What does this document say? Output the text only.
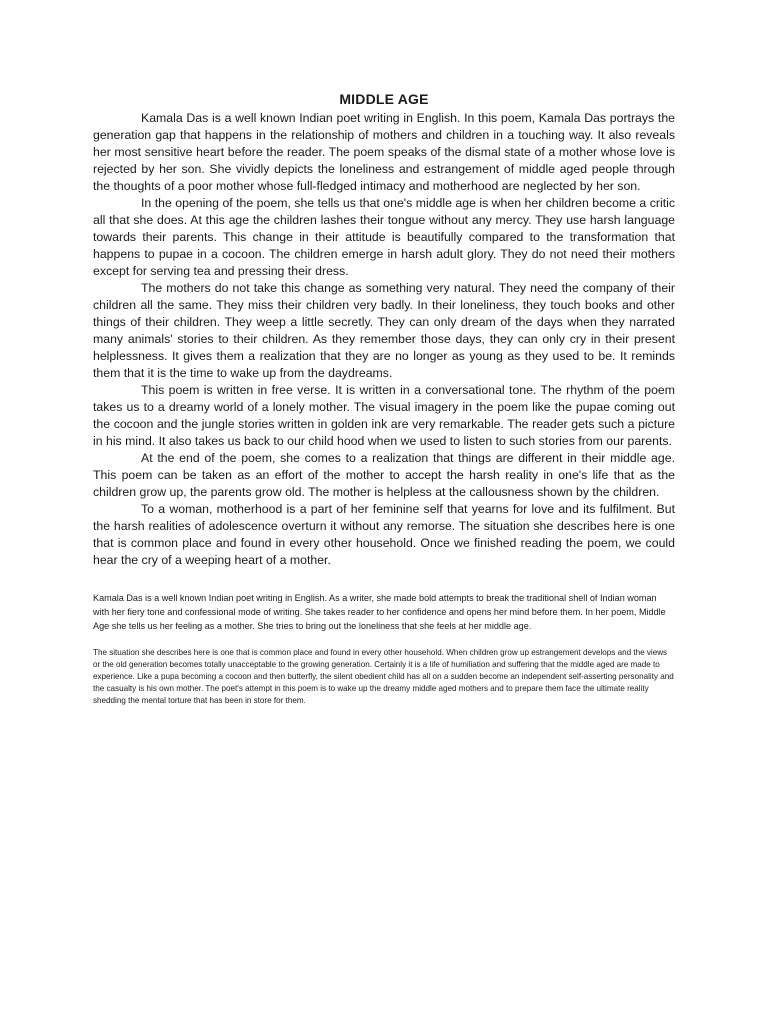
MIDDLE AGE

Kamala Das is a well known Indian poet writing in English. In this poem, Kamala Das portrays the generation gap that happens in the relationship of mothers and children in a touching way. It also reveals her most sensitive heart before the reader. The poem speaks of the dismal state of a mother whose love is rejected by her son. She vividly depicts the loneliness and estrangement of middle aged people through the thoughts of a poor mother whose full-fledged intimacy and motherhood are neglected by her son.

In the opening of the poem, she tells us that one's middle age is when her children become a critic all that she does. At this age the children lashes their tongue without any mercy. They use harsh language towards their parents. This change in their attitude is beautifully compared to the transformation that happens to pupae in a cocoon. The children emerge in harsh adult glory. They do not need their mothers except for serving tea and pressing their dress.

The mothers do not take this change as something very natural. They need the company of their children all the same. They miss their children very badly. In their loneliness, they touch books and other things of their children. They weep a little secretly. They can only dream of the days when they narrated many animals' stories to their children. As they remember those days, they can only cry in their present helplessness. It gives them a realization that they are no longer as young as they used to be. It reminds them that it is the time to wake up from the daydreams.

This poem is written in free verse. It is written in a conversational tone. The rhythm of the poem takes us to a dreamy world of a lonely mother. The visual imagery in the poem like the pupae coming out the cocoon and the jungle stories written in golden ink are very remarkable. The reader gets such a picture in his mind. It also takes us back to our child hood when we used to listen to such stories from our parents.

At the end of the poem, she comes to a realization that things are different in their middle age. This poem can be taken as an effort of the mother to accept the harsh reality in one's life that as the children grow up, the parents grow old. The mother is helpless at the callousness shown by the children.

To a woman, motherhood is a part of her feminine self that yearns for love and its fulfilment. But the harsh realities of adolescence overturn it without any remorse. The situation she describes here is one that is common place and found in every other household. Once we finished reading the poem, we could hear the cry of a weeping heart of a mother.

Kamala Das is a well known Indian poet writing in English. As a writer, she made bold attempts to break the traditional shell of Indian woman with her fiery tone and confessional mode of writing. She takes reader to her confidence and opens her mind before them. In her poem, Middle Age she tells us her feeling as a mother. She tries to bring out the loneliness that she feels at her middle age.

The situation she describes here is one that is common place and found in every other household. When children grow up estrangement develops and the views or the old generation becomes totally unacceptable to the growing generation. Certainly it is a life of humiliation and suffering that the middle aged are made to experience. Like a pupa becoming a cocoon and then butterfly, the silent obedient child has all on a sudden become an independent self-asserting personality and the casualty is his own mother. The poet's attempt in this poem is to wake up the dreamy middle aged mothers and to prepare them face the ultimate reality shedding the mental torture that has been in store for them.
